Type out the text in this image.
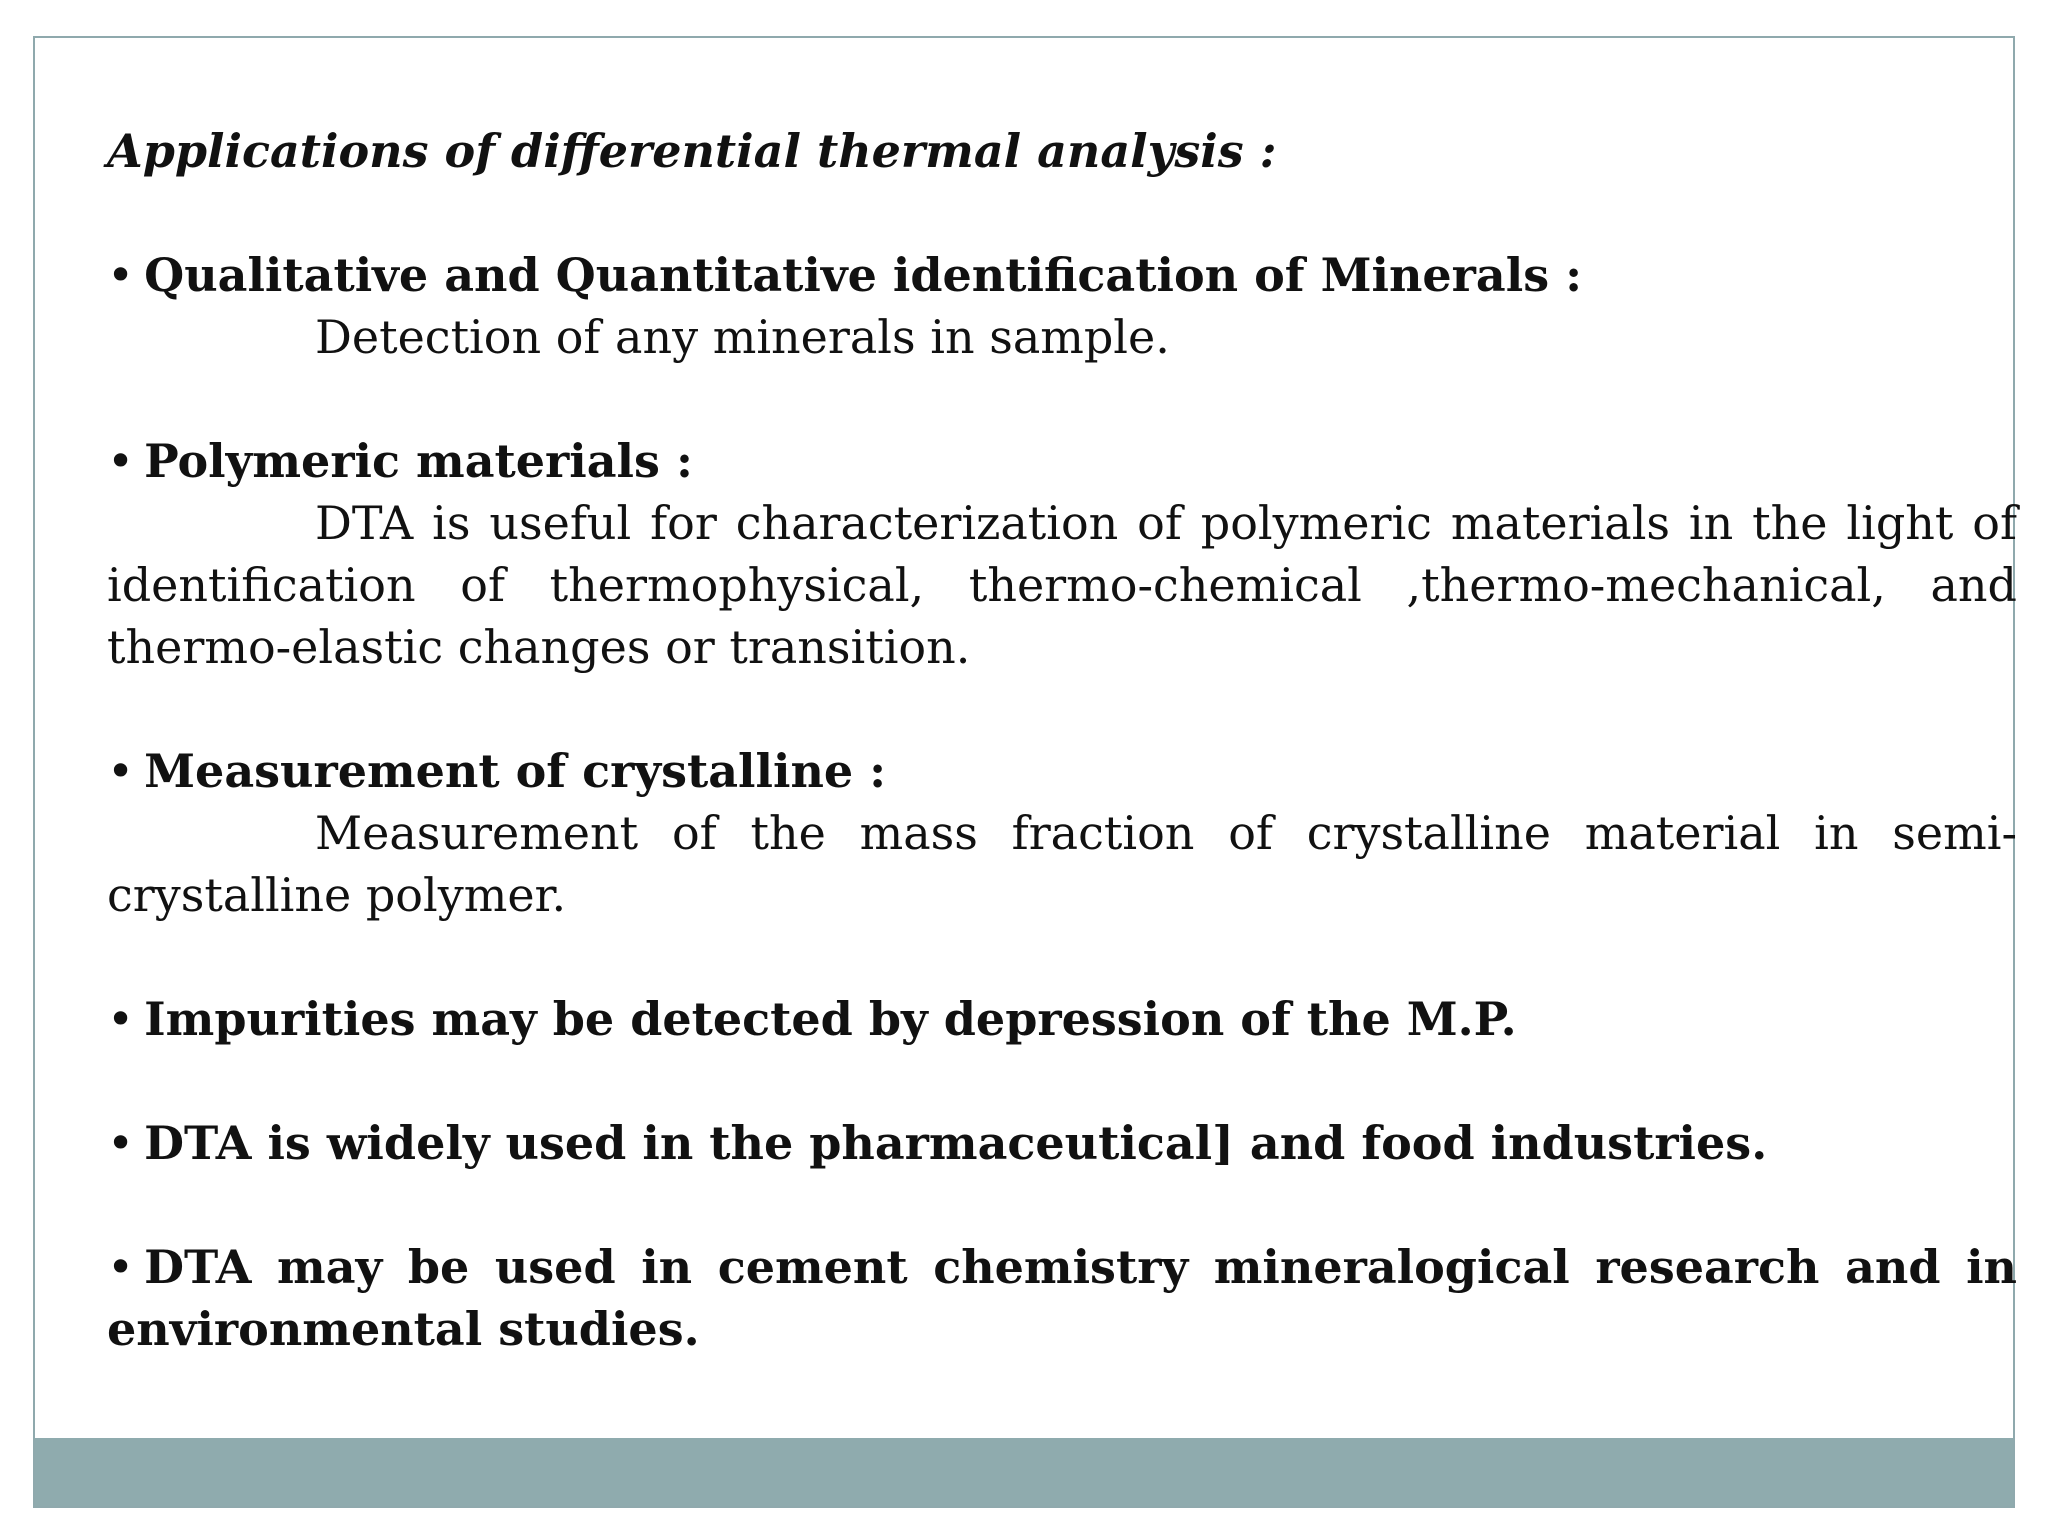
Applications of differential thermal analysis :
• Qualitative and Quantitative identification of Minerals :
Detection of any minerals in sample.
• Polymeric materials :
DTA is useful for characterization of polymeric materials in the light of identification of thermophysical, thermo-chemical ,thermo-mechanical, and thermo-elastic changes or transition.
• Measurement of crystalline :
Measurement of the mass fraction of crystalline material in semi-crystalline polymer.
• Impurities may be detected by depression of the M.P.
• DTA is widely used in the pharmaceutical] and food industries.
• DTA may be used in cement chemistry mineralogical research and in environmental studies.
